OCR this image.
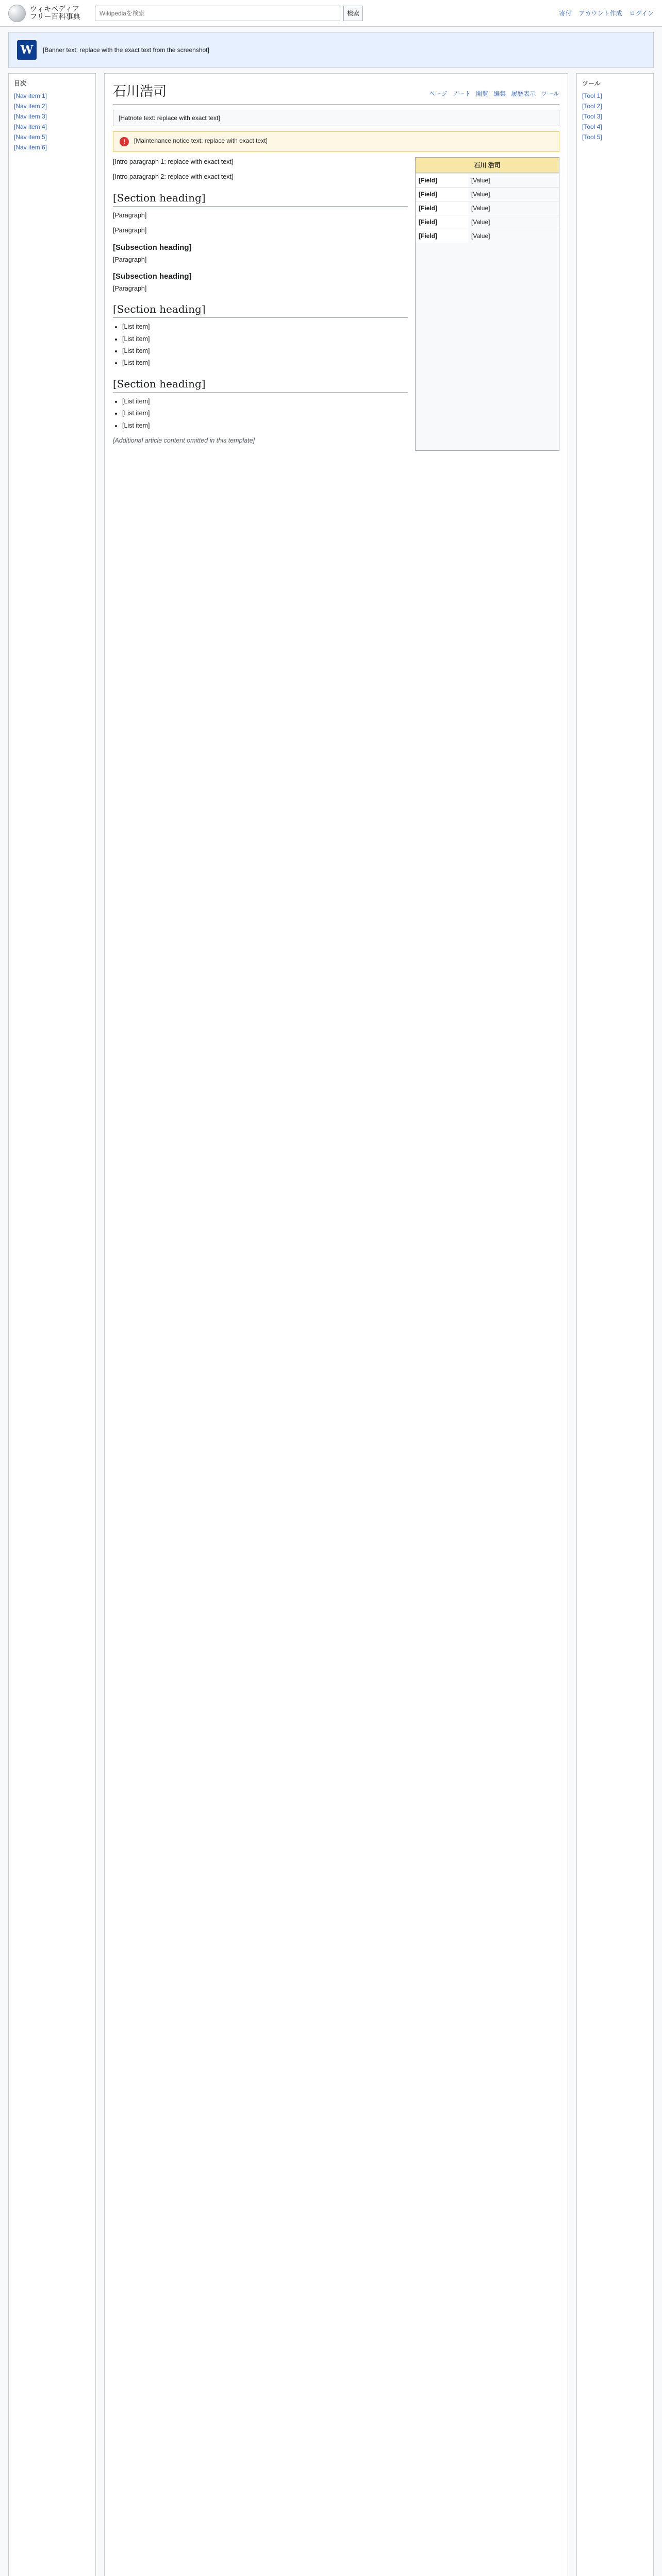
ウィキペディア
フリー百科事典
Wikipediaを検索	検索	寄付 アカウント作成 ログイン
W	[Banner text: replace with the exact text from the screenshot]
目次
[Nav item 1]
[Nav item 2]
[Nav item 3]
[Nav item 4]
[Nav item 5]
[Nav item 6]
石川浩司	ページ ノート 閲覧 編集 履歴表示 ツール
[Hatnote text: replace with exact text]
!	[Maintenance notice text: replace with exact text]

[Intro paragraph 1: replace with exact text]

[Intro paragraph 2: replace with exact text]

[Section heading]

[Paragraph]

[Paragraph]

[Subsection heading]

[Paragraph]

[Subsection heading]

[Paragraph]

[Section heading]
• [List item]
• [List item]
• [List item]
• [List item]
[Section heading]
• [List item]
• [List item]
• [List item]

[Additional article content omitted in this template]

石川 浩司
[Field]	[Value]
[Field]	[Value]
[Field]	[Value]
[Field]	[Value]
[Field]	[Value]
ツール
[Tool 1]
[Tool 2]
[Tool 3]
[Tool 4]
[Tool 5]
